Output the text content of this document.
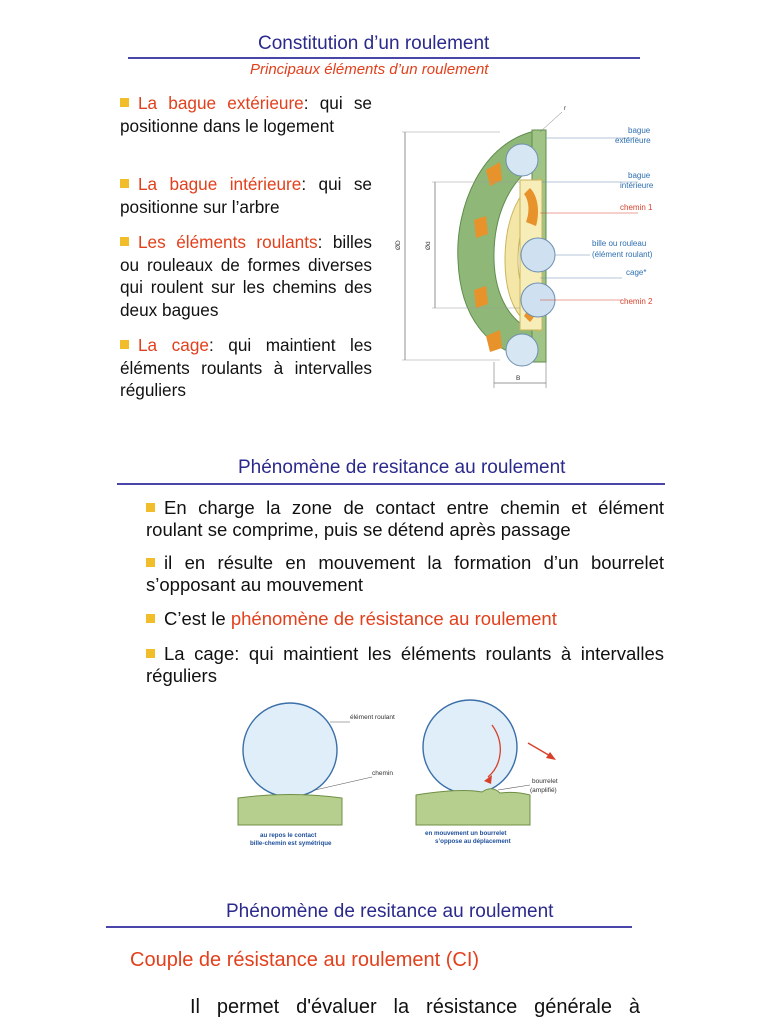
Constitution d’un roulement
Principaux éléments d’un roulement
La bague extérieure: qui se positionne dans le logement
La bague intérieure: qui se positionne sur l’arbre
Les éléments roulants: billes ou rouleaux de formes diverses qui roulent sur les chemins des deux bagues
La cage: qui maintient les éléments roulants à intervalles réguliers
ØD	Ød
B
r
bague
extérieure
bague
intérieure
chemin 1
bille ou rouleau
(élément roulant)
cage*
chemin 2
Phénomène de resitance au roulement
En charge la zone de contact entre chemin et élément roulant se comprime, puis se détend après passage
il en résulte en mouvement la formation d’un bourrelet s’opposant au mouvement
C’est le phénomène de résistance au roulement
La cage: qui maintient les éléments roulants à intervalles réguliers
élément roulant
chemin
au repos le contact
bille-chemin est symétrique
bourrelet
(amplifié)
en mouvement un bourrelet
s’oppose au déplacement
Phénomène de resitance au roulement
Couple de résistance au roulement (CI)
Il permet d'évaluer la résistance générale à
